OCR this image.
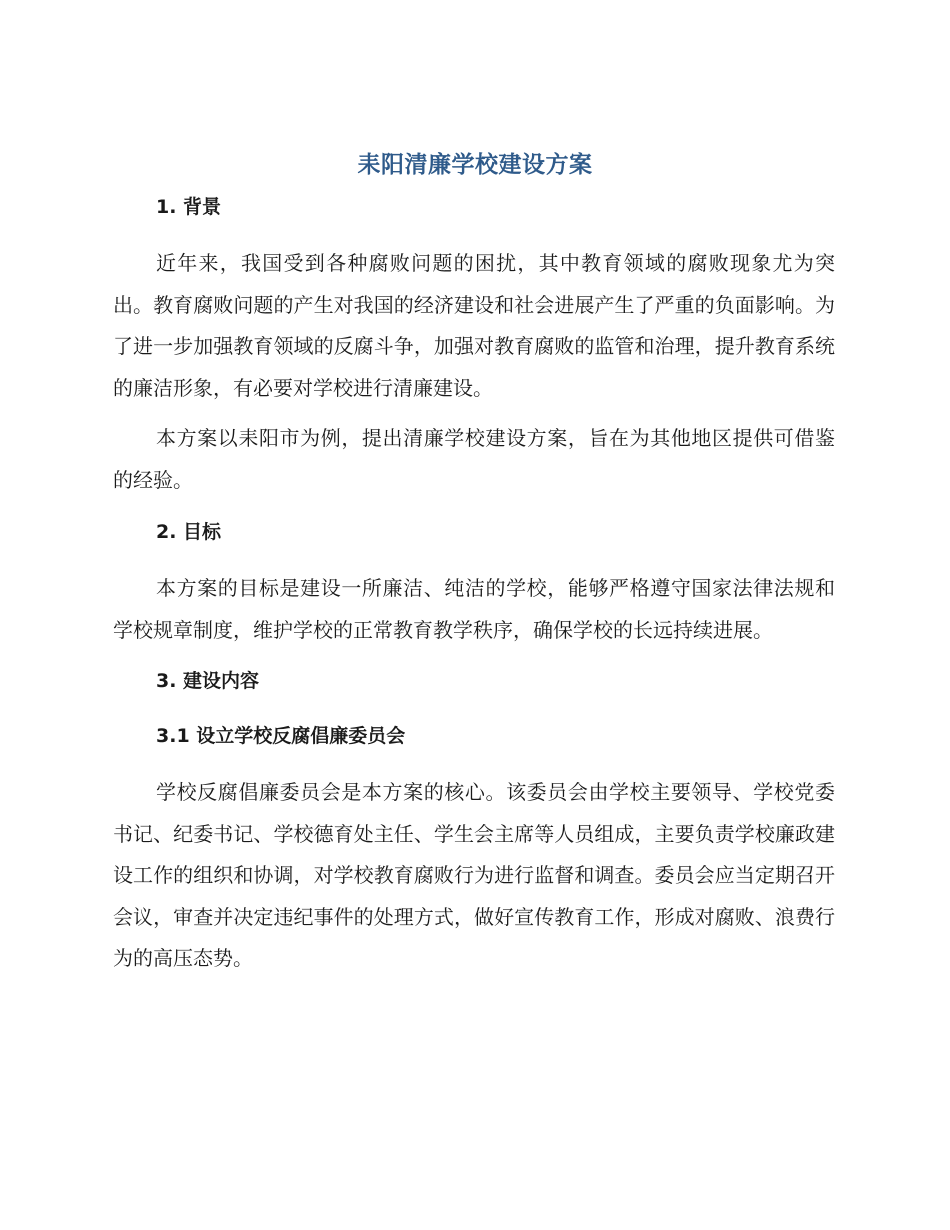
耒阳清廉学校建设方案

1. 背景

近年来，我国受到各种腐败问题的困扰，其中教育领域的腐败现象尤为突出。教育腐败问题的产生对我国的经济建设和社会进展产生了严重的负面影响。为了进一步加强教育领域的反腐斗争，加强对教育腐败的监管和治理，提升教育系统的廉洁形象，有必要对学校进行清廉建设。

本方案以耒阳市为例，提出清廉学校建设方案，旨在为其他地区提供可借鉴的经验。

2. 目标

本方案的目标是建设一所廉洁、纯洁的学校，能够严格遵守国家法律法规和学校规章制度，维护学校的正常教育教学秩序，确保学校的长远持续进展。

3. 建设内容

3.1 设立学校反腐倡廉委员会

学校反腐倡廉委员会是本方案的核心。该委员会由学校主要领导、学校党委书记、纪委书记、学校德育处主任、学生会主席等人员组成，主要负责学校廉政建设工作的组织和协调，对学校教育腐败行为进行监督和调查。委员会应当定期召开会议，审查并决定违纪事件的处理方式，做好宣传教育工作，形成对腐败、浪费行为的高压态势。
